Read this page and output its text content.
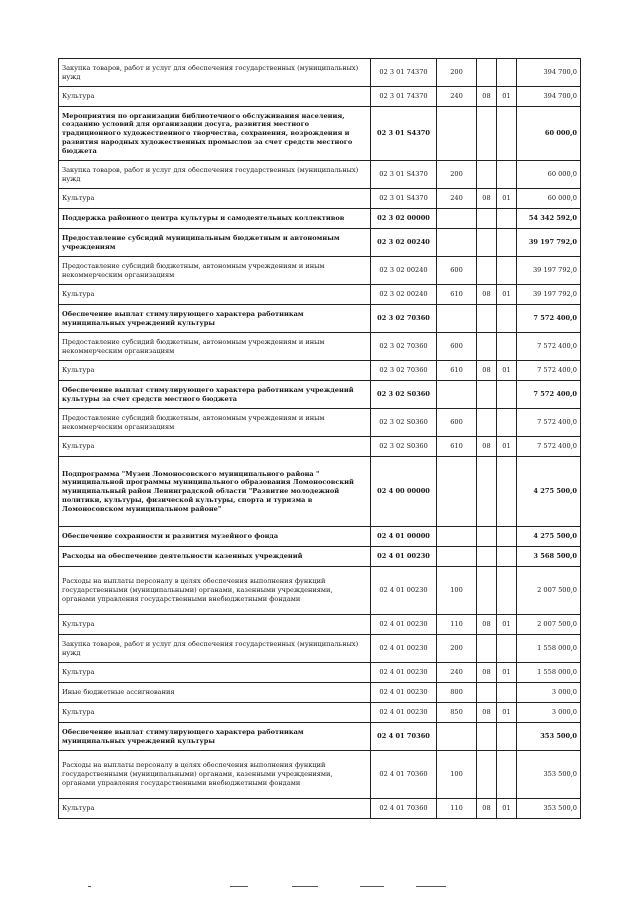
Закупка товаров, работ и услуг для обеспечения государственных (муниципальных) нужд	02 3 01 74370	200			394 700,0
Культура	02 3 01 74370	240	08	01	394 700,0
Мероприятия по организации библиотечного обслуживания населения, созданию условий для организации досуга, развития местного традиционного художественного творчества, сохранения, возрождения и развития народных художественных промыслов за счет средств местного бюджета	02 3 01 S4370				60 000,0
Закупка товаров, работ и услуг для обеспечения государственных (муниципальных) нужд	02 3 01 S4370	200			60 000,0
Культура	02 3 01 S4370	240	08	01	60 000,0
Поддержка районного центра культуры и самодеятельных коллективов	02 3 02 00000				54 342 592,0
Предоставление субсидий муниципальным бюджетным и автономным учреждениям	02 3 02 00240				39 197 792,0
Предоставление субсидий бюджетным, автономным учреждениям и иным некоммерческим организациям	02 3 02 00240	600			39 197 792,0
Культура	02 3 02 00240	610	08	01	39 197 792,0
Обеспечение выплат стимулирующего характера работникам муниципальных учреждений культуры	02 3 02 70360				7 572 400,0
Предоставление субсидий бюджетным, автономным учреждениям и иным некоммерческим организациям	02 3 02 70360	600			7 572 400,0
Культура	02 3 02 70360	610	08	01	7 572 400,0
Обеспечение выплат стимулирующего характера работникам учреждений культуры за счет средств местного бюджета	02 3 02 S0360				7 572 400,0
Предоставление субсидий бюджетным, автономным учреждениям и иным некоммерческим организациям	02 3 02 S0360	600			7 572 400,0
Культура	02 3 02 S0360	610	08	01	7 572 400,0
Подпрограмма "Музеи Ломоносовского муниципального района " муниципальной программы муниципального образования Ломоносовский муниципальный район Ленинградской области "Развитие молодежной политики, культуры, физической культуры, спорта и туризма в Ломоносовском муниципальном районе"	02 4 00 00000				4 275 500,0
Обеспечение сохранности и развития музейного фонда	02 4 01 00000				4 275 500,0
Расходы на обеспечение деятельности казенных учреждений	02 4 01 00230				3 568 500,0
Расходы на выплаты персоналу в целях обеспечения выполнения функций государственными (муниципальными) органами, казенными учреждениями, органами управления государственными внебюджетными фондами	02 4 01 00230	100			2 007 500,0
Культура	02 4 01 00230	110	08	01	2 007 500,0
Закупка товаров, работ и услуг для обеспечения государственных (муниципальных) нужд	02 4 01 00230	200			1 558 000,0
Культура	02 4 01 00230	240	08	01	1 558 000,0
Иные бюджетные ассигнования	02 4 01 00230	800			3 000,0
Культура	02 4 01 00230	850	08	01	3 000,0
Обеспечение выплат стимулирующего характера работникам муниципальных учреждений культуры	02 4 01 70360				353 500,0
Расходы на выплаты персоналу в целях обеспечения выполнения функций государственными (муниципальными) органами, казенными учреждениями, органами управления государственными внебюджетными фондами	02 4 01 70360	100			353 500,0
Культура	02 4 01 70360	110	08	01	353 500,0
